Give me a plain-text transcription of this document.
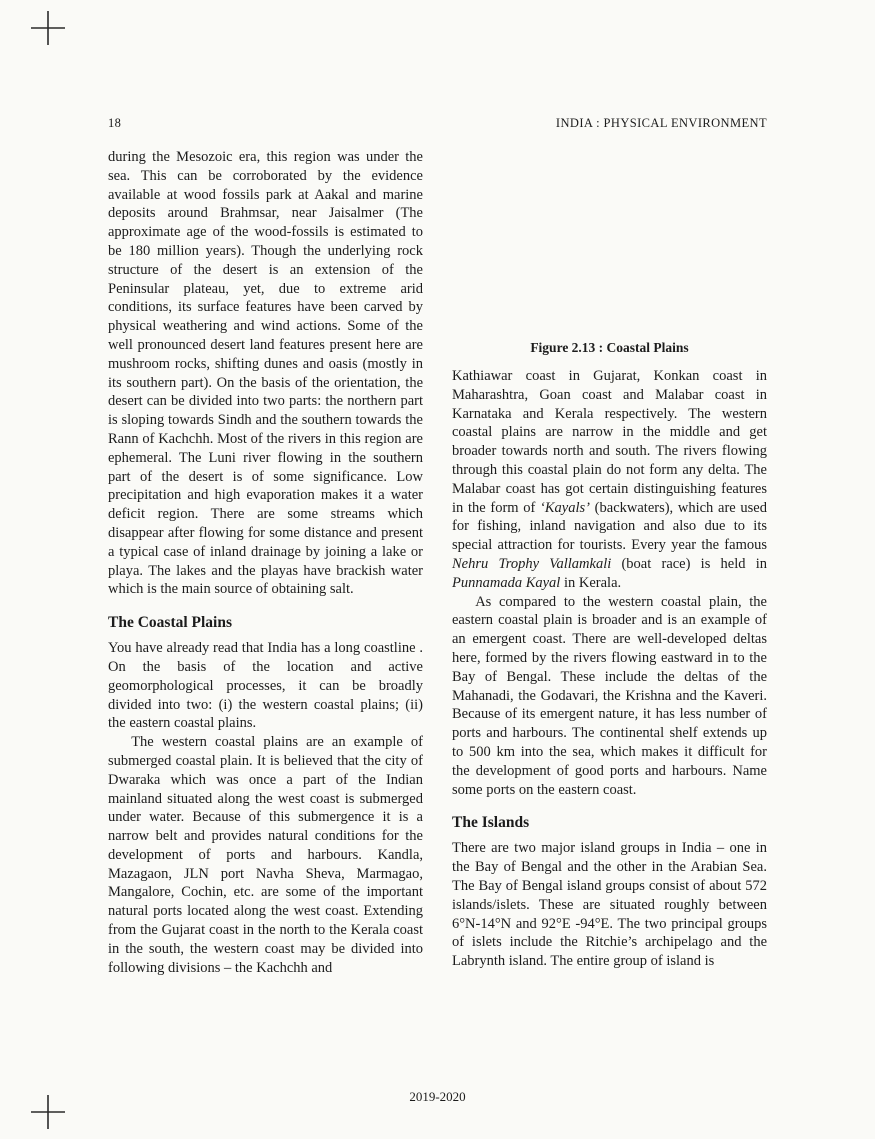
18	INDIA : PHYSICAL ENVIRONMENT

during the Mesozoic era, this region was under the sea. This can be corroborated by the evidence available at wood fossils park at Aakal and marine deposits around Brahmsar, near Jaisalmer (The approximate age of the wood-fossils is estimated to be 180 million years). Though the underlying rock structure of the desert is an extension of the Peninsular plateau, yet, due to extreme arid conditions, its surface features have been carved by physical weathering and wind actions. Some of the well pronounced desert land features present here are mushroom rocks, shifting dunes and oasis (mostly in its southern part). On the basis of the orientation, the desert can be divided into two parts: the northern part is sloping towards Sindh and the southern towards the Rann of Kachchh. Most of the rivers in this region are ephemeral. The Luni river flowing in the southern part of the desert is of some significance. Low precipitation and high evaporation makes it a water deficit region. There are some streams which disappear after flowing for some distance and present a typical case of inland drainage by joining a lake or playa. The lakes and the playas have brackish water which is the main source of obtaining salt.

The Coastal Plains

You have already read that India has a long coastline . On the basis of the location and active geomorphological processes, it can be broadly divided into two: (i) the western coastal plains; (ii) the eastern coastal plains.

The western coastal plains are an example of submerged coastal plain. It is believed that the city of Dwaraka which was once a part of the Indian mainland situated along the west coast is submerged under water. Because of this submergence it is a narrow belt and provides natural conditions for the development of ports and harbours. Kandla, Mazagaon, JLN port Navha Sheva, Marmagao, Mangalore, Cochin, etc. are some of the important natural ports located along the west coast. Extending from the Gujarat coast in the north to the Kerala coast in the south, the western coast may be divided into following divisions – the Kachchh and

Figure 2.13 : Coastal Plains

Kathiawar coast in Gujarat, Konkan coast in Maharashtra, Goan coast and Malabar coast in Karnataka and Kerala respectively. The western coastal plains are narrow in the middle and get broader towards north and south. The rivers flowing through this coastal plain do not form any delta. The Malabar coast has got certain distinguishing features in the form of ‘Kayals’ (backwaters), which are used for fishing, inland navigation and also due to its special attraction for tourists. Every year the famous Nehru Trophy Vallamkali (boat race) is held in Punnamada Kayal in Kerala.

As compared to the western coastal plain, the eastern coastal plain is broader and is an example of an emergent coast. There are well-developed deltas here, formed by the rivers flowing eastward in to the Bay of Bengal. These include the deltas of the Mahanadi, the Godavari, the Krishna and the Kaveri. Because of its emergent nature, it has less number of ports and harbours. The continental shelf extends up to 500 km into the sea, which makes it difficult for the development of good ports and harbours. Name some ports on the eastern coast.

The Islands

There are two major island groups in India – one in the Bay of Bengal and the other in the Arabian Sea. The Bay of Bengal island groups consist of about 572 islands/islets. These are situated roughly between 6°N-14°N and 92°E -94°E. The two principal groups of islets include the Ritchie’s archipelago and the Labrynth island. The entire group of island is

2019-2020
